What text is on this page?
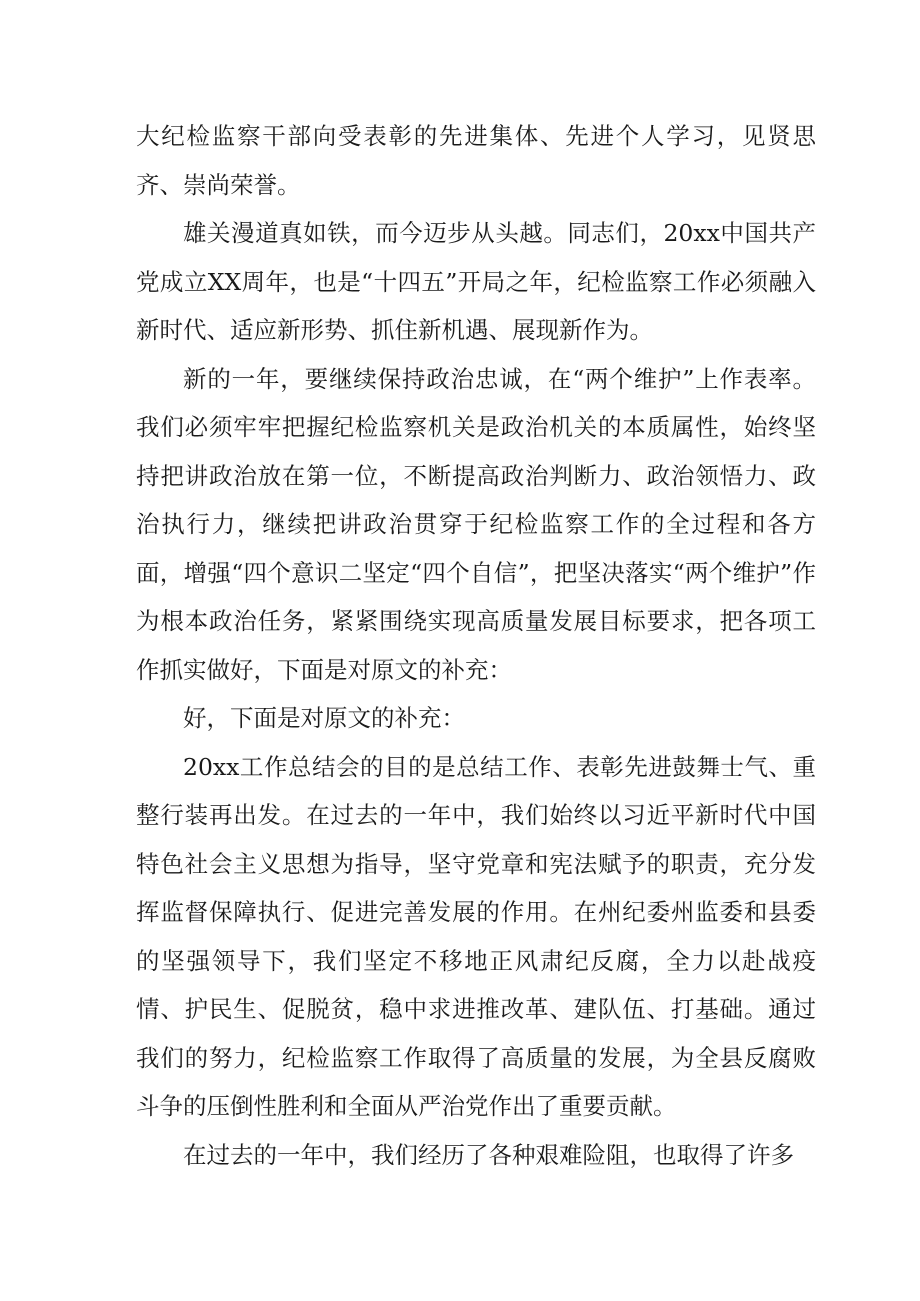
大纪检监察干部向受表彰的先进集体、先进个人学习，见贤思齐、崇尚荣誉。

雄关漫道真如铁，而今迈步从头越。同志们，20xx中国共产党成立XX周年，也是“十四五”开局之年，纪检监察工作必须融入新时代、适应新形势、抓住新机遇、展现新作为。

新的一年，要继续保持政治忠诚，在“两个维护”上作表率。我们必须牢牢把握纪检监察机关是政治机关的本质属性，始终坚持把讲政治放在第一位，不断提高政治判断力、政治领悟力、政治执行力，继续把讲政治贯穿于纪检监察工作的全过程和各方面，增强“四个意识二坚定“四个自信”，把坚决落实“两个维护”作为根本政治任务，紧紧围绕实现高质量发展目标要求，把各项工作抓实做好，下面是对原文的补充：

好，下面是对原文的补充：

20xx工作总结会的目的是总结工作、表彰先进鼓舞士气、重整行装再出发。在过去的一年中，我们始终以习近平新时代中国特色社会主义思想为指导，坚守党章和宪法赋予的职责，充分发挥监督保障执行、促进完善发展的作用。在州纪委州监委和县委的坚强领导下，我们坚定不移地正风肃纪反腐，全力以赴战疫情、护民生、促脱贫，稳中求进推改革、建队伍、打基础。通过我们的努力，纪检监察工作取得了高质量的发展，为全县反腐败斗争的压倒性胜利和全面从严治党作出了重要贡献。

在过去的一年中，我们经历了各种艰难险阻，也取得了许多
